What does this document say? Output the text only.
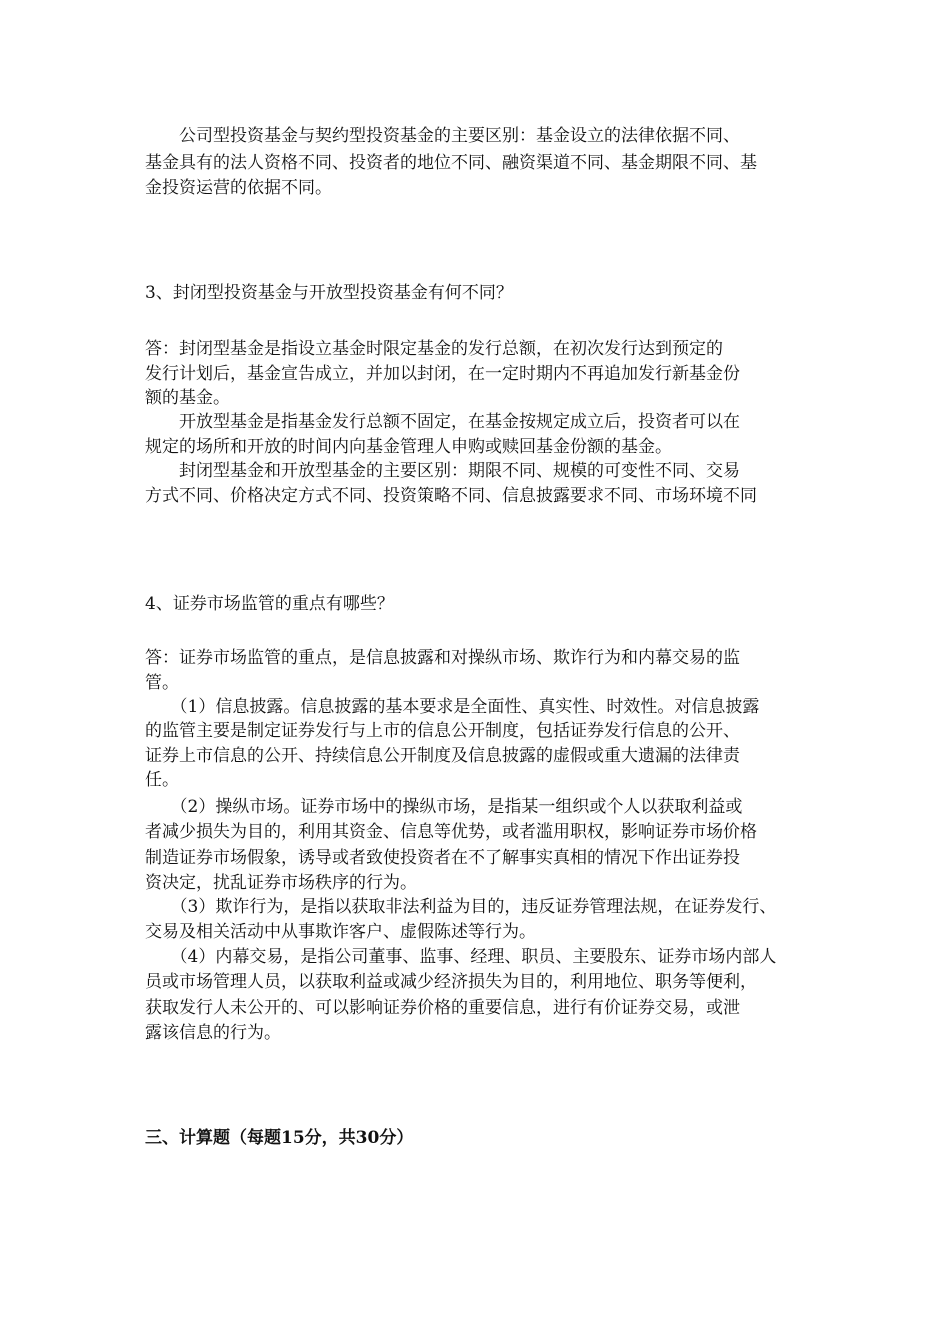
　　公司型投资基金与契约型投资基金的主要区别：基金设立的法律依据不同、
基金具有的法人资格不同、投资者的地位不同、融资渠道不同、基金期限不同、基
金投资运营的依据不同。
3、封闭型投资基金与开放型投资基金有何不同？
答：封闭型基金是指设立基金时限定基金的发行总额，在初次发行达到预定的
发行计划后，基金宣告成立，并加以封闭，在一定时期内不再追加发行新基金份
额的基金。
　　开放型基金是指基金发行总额不固定，在基金按规定成立后，投资者可以在
规定的场所和开放的时间内向基金管理人申购或赎回基金份额的基金。
　　封闭型基金和开放型基金的主要区别：期限不同、规模的可变性不同、交易
方式不同、价格决定方式不同、投资策略不同、信息披露要求不同、市场环境不同
4、证券市场监管的重点有哪些？
答：证券市场监管的重点，是信息披露和对操纵市场、欺诈行为和内幕交易的监
管。
　　（1）信息披露。信息披露的基本要求是全面性、真实性、时效性。对信息披露
的监管主要是制定证券发行与上市的信息公开制度，包括证券发行信息的公开、
证券上市信息的公开、持续信息公开制度及信息披露的虚假或重大遗漏的法律责
任。
　　（2）操纵市场。证券市场中的操纵市场，是指某一组织或个人以获取利益或
者减少损失为目的，利用其资金、信息等优势，或者滥用职权，影响证券市场价格
制造证券市场假象，诱导或者致使投资者在不了解事实真相的情况下作出证券投
资决定，扰乱证券市场秩序的行为。
　　（3）欺诈行为，是指以获取非法利益为目的，违反证券管理法规，在证券发行、
交易及相关活动中从事欺诈客户、虚假陈述等行为。
　　（4）内幕交易，是指公司董事、监事、经理、职员、主要股东、证券市场内部人
员或市场管理人员，以获取利益或减少经济损失为目的，利用地位、职务等便利，
获取发行人未公开的、可以影响证券价格的重要信息，进行有价证券交易，或泄
露该信息的行为。
三、计算题（每题15分，共30分）
